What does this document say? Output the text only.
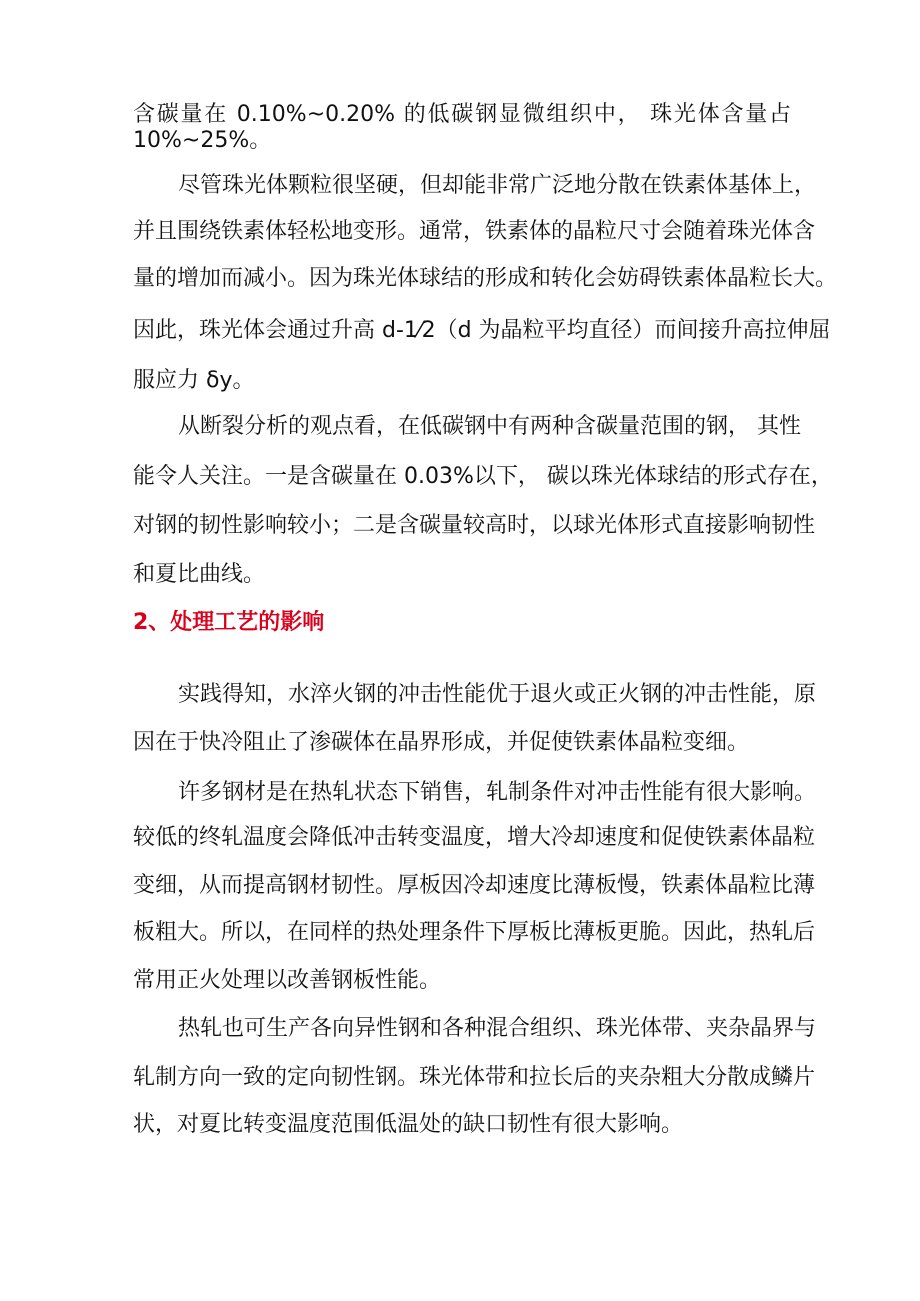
含碳量在 0.10%~0.20% 的低碳钢显微组织中， 珠光体含量占
10%~25%。
尽管珠光体颗粒很坚硬，但却能非常广泛地分散在铁素体基体上，
并且围绕铁素体轻松地变形。通常，铁素体的晶粒尺寸会随着珠光体含
量的增加而减小。因为珠光体球结的形成和转化会妨碍铁素体晶粒长大。
因此，珠光体会通过升高 d-1⁄2（d 为晶粒平均直径）而间接升高拉伸屈
服应力 δy。
从断裂分析的观点看，在低碳钢中有两种含碳量范围的钢， 其性
能令人关注。一是含碳量在 0.03%以下， 碳以珠光体球结的形式存在，
对钢的韧性影响较小；二是含碳量较高时，以球光体形式直接影响韧性
和夏比曲线。
2、处理工艺的影响
实践得知，水淬火钢的冲击性能优于退火或正火钢的冲击性能，原
因在于快冷阻止了渗碳体在晶界形成，并促使铁素体晶粒变细。
许多钢材是在热轧状态下销售，轧制条件对冲击性能有很大影响。
较低的终轧温度会降低冲击转变温度，增大冷却速度和促使铁素体晶粒
变细，从而提高钢材韧性。厚板因冷却速度比薄板慢，铁素体晶粒比薄
板粗大。所以，在同样的热处理条件下厚板比薄板更脆。因此，热轧后
常用正火处理以改善钢板性能。
热轧也可生产各向异性钢和各种混合组织、珠光体带、夹杂晶界与
轧制方向一致的定向韧性钢。珠光体带和拉长后的夹杂粗大分散成鳞片
状，对夏比转变温度范围低温处的缺口韧性有很大影响。
